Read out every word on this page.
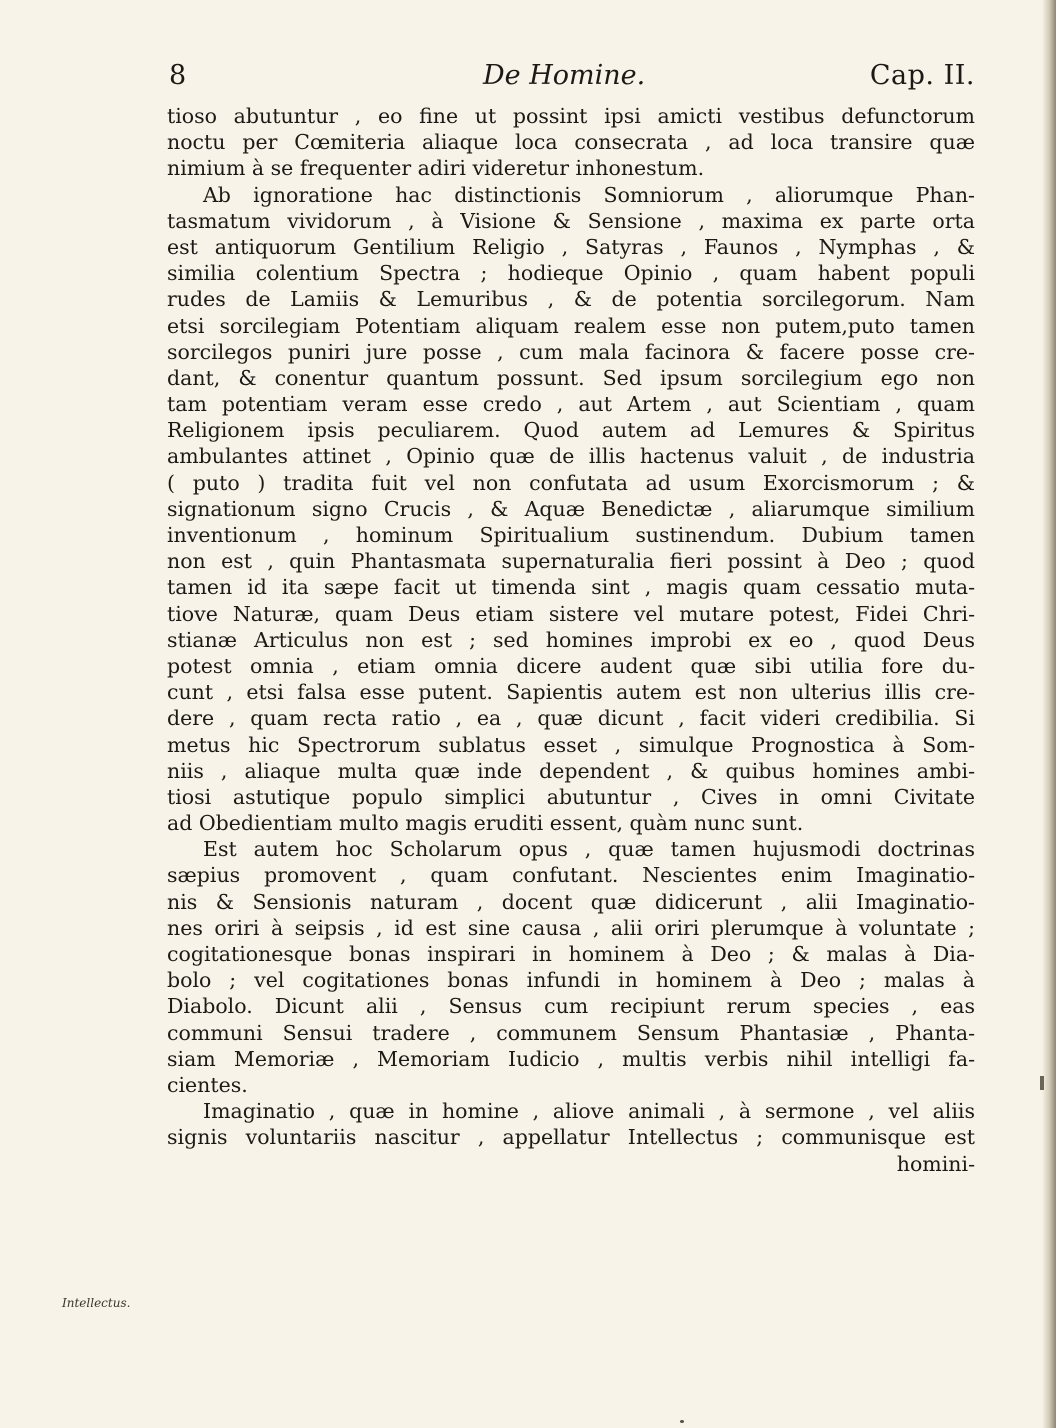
8	De Homine.	Cap. II.
Intellectus.
tioso abutuntur , eo fine ut possint ipsi amicti vestibus defunctorum
noctu per Cœmiteria aliaque loca consecrata , ad loca transire quæ
nimium à se frequenter adiri videretur inhonestum.
Ab ignoratione hac distinctionis Somniorum , aliorumque Phan-
tasmatum vividorum , à Visione & Sensione , maxima ex parte orta
est antiquorum Gentilium Religio , Satyras , Faunos , Nymphas , &
similia colentium Spectra ; hodieque Opinio , quam habent populi
rudes de Lamiis & Lemuribus , & de potentia sorcilegorum. Nam
etsi sorcilegiam Potentiam aliquam realem esse non putem,puto tamen
sorcilegos puniri jure posse , cum mala facinora & facere posse cre-
dant, & conentur quantum possunt. Sed ipsum sorcilegium ego non
tam potentiam veram esse credo , aut Artem , aut Scientiam , quam
Religionem ipsis peculiarem. Quod autem ad Lemures & Spiritus
ambulantes attinet , Opinio quæ de illis hactenus valuit , de industria
( puto ) tradita fuit vel non confutata ad usum Exorcismorum ; &
signationum signo Crucis , & Aquæ Benedictæ , aliarumque similium
inventionum , hominum Spiritualium sustinendum. Dubium tamen
non est , quin Phantasmata supernaturalia fieri possint à Deo ; quod
tamen id ita sæpe facit ut timenda sint , magis quam cessatio muta-
tiove Naturæ, quam Deus etiam sistere vel mutare potest, Fidei Chri-
stianæ Articulus non est ; sed homines improbi ex eo , quod Deus
potest omnia , etiam omnia dicere audent quæ sibi utilia fore du-
cunt , etsi falsa esse putent. Sapientis autem est non ulterius illis cre-
dere , quam recta ratio , ea , quæ dicunt , facit videri credibilia. Si
metus hic Spectrorum sublatus esset , simulque Prognostica à Som-
niis , aliaque multa quæ inde dependent , & quibus homines ambi-
tiosi astutique populo simplici abutuntur , Cives in omni Civitate
ad Obedientiam multo magis eruditi essent, quàm nunc sunt.
Est autem hoc Scholarum opus , quæ tamen hujusmodi doctrinas
sæpius promovent , quam confutant. Nescientes enim Imaginatio-
nis & Sensionis naturam , docent quæ didicerunt , alii Imaginatio-
nes oriri à seipsis , id est sine causa , alii oriri plerumque à voluntate ;
cogitationesque bonas inspirari in hominem à Deo ; & malas à Dia-
bolo ; vel cogitationes bonas infundi in hominem à Deo ; malas à
Diabolo. Dicunt alii , Sensus cum recipiunt rerum species , eas
communi Sensui tradere , communem Sensum Phantasiæ , Phanta-
siam Memoriæ , Memoriam Iudicio , multis verbis nihil intelligi fa-
cientes.
Imaginatio , quæ in homine , aliove animali , à sermone , vel aliis
signis voluntariis nascitur , appellatur Intellectus ; communisque est
homini-
